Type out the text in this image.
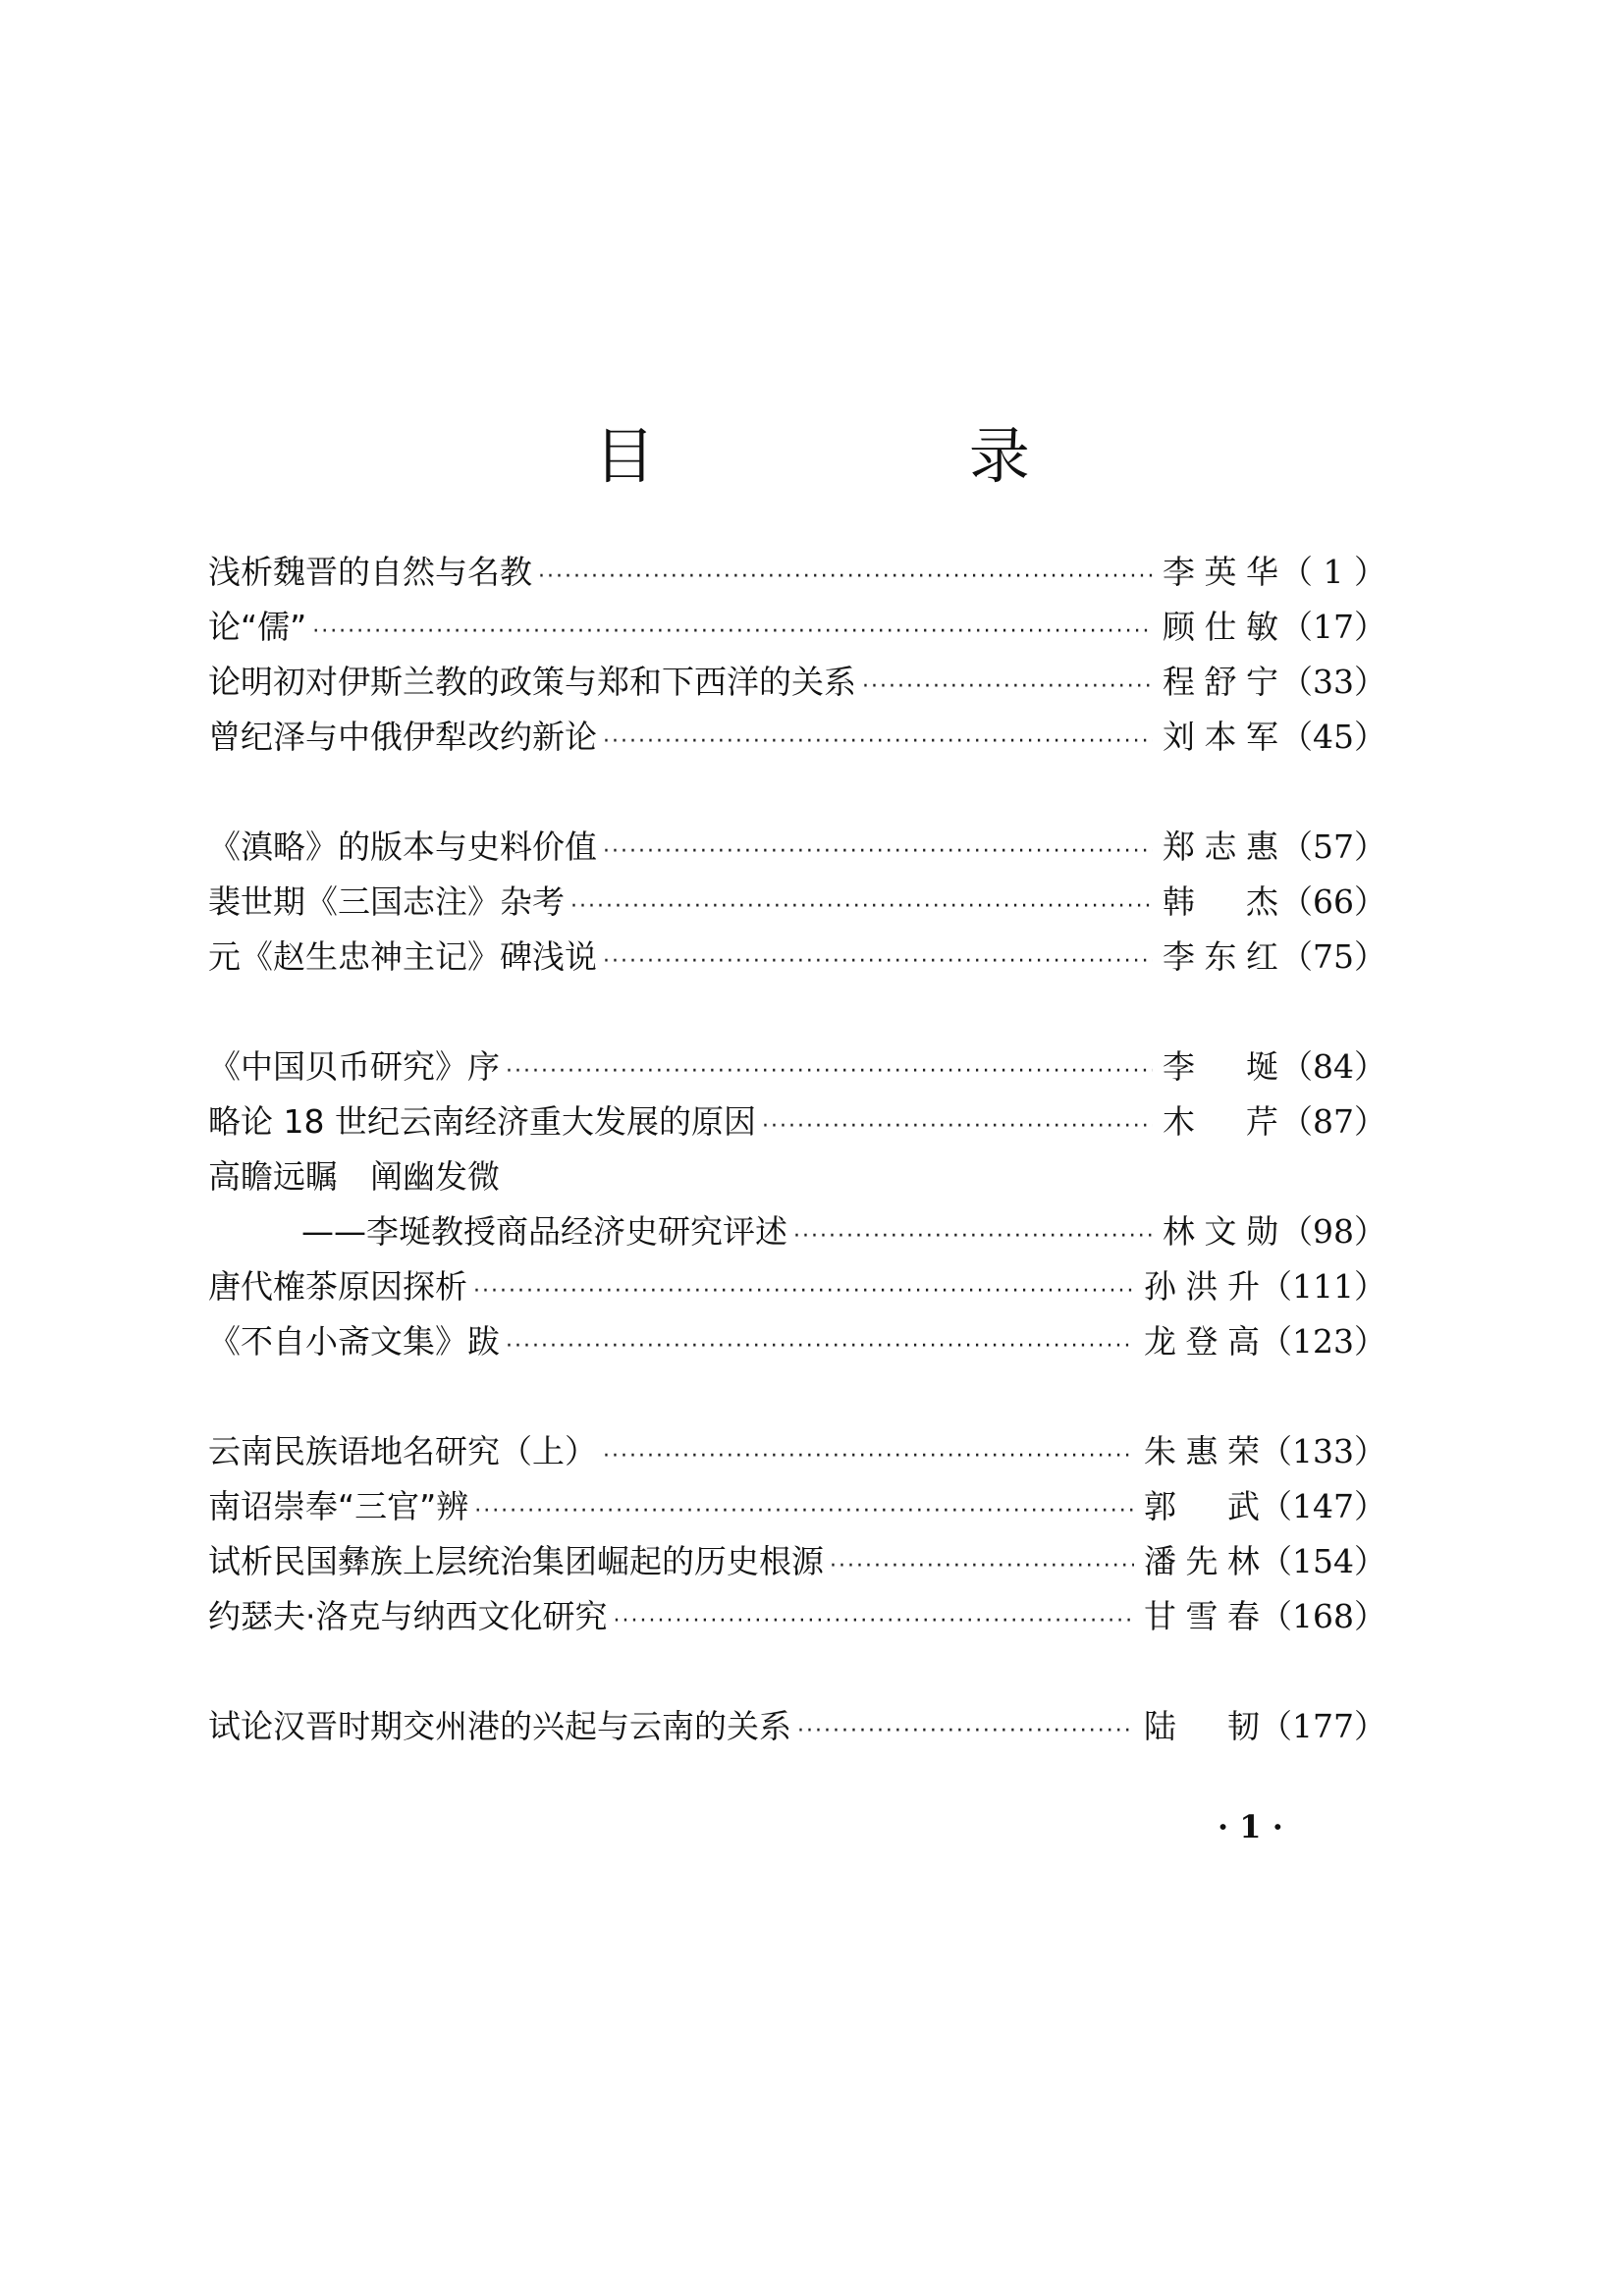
目 录
浅析魏晋的自然与名教 ·····	李英华 （ 1 ）
论“儒” ·····	顾仕敏 （17）
论明初对伊斯兰教的政策与郑和下西洋的关系 ·····	程舒宁 （33）
曾纪泽与中俄伊犁改约新论 ·····	刘本军 （45）
《滇略》的版本与史料价值 ·····	郑志惠 （57）
裴世期《三国志注》杂考 ·····	韩杰 （66）
元《赵生忠神主记》碑浅说 ·····	李东红 （75）
《中国贝币研究》序 ·····	李埏 （84）
略论 18 世纪云南经济重大发展的原因 ·····	木芹 （87）
高瞻远瞩　阐幽发微
——李埏教授商品经济史研究评述 ·····	林文勋 （98）
唐代榷茶原因探析 ·····	孙洪升 （111）
《不自小斋文集》跋 ·····	龙登高 （123）
云南民族语地名研究（上） ·····	朱惠荣 （133）
南诏崇奉“三官”辨 ·····	郭武 （147）
试析民国彝族上层统治集团崛起的历史根源 ·····	潘先林 （154）
约瑟夫·洛克与纳西文化研究 ·····	甘雪春 （168）
试论汉晋时期交州港的兴起与云南的关系 ·····	陆韧 （177）
· 1 ·
